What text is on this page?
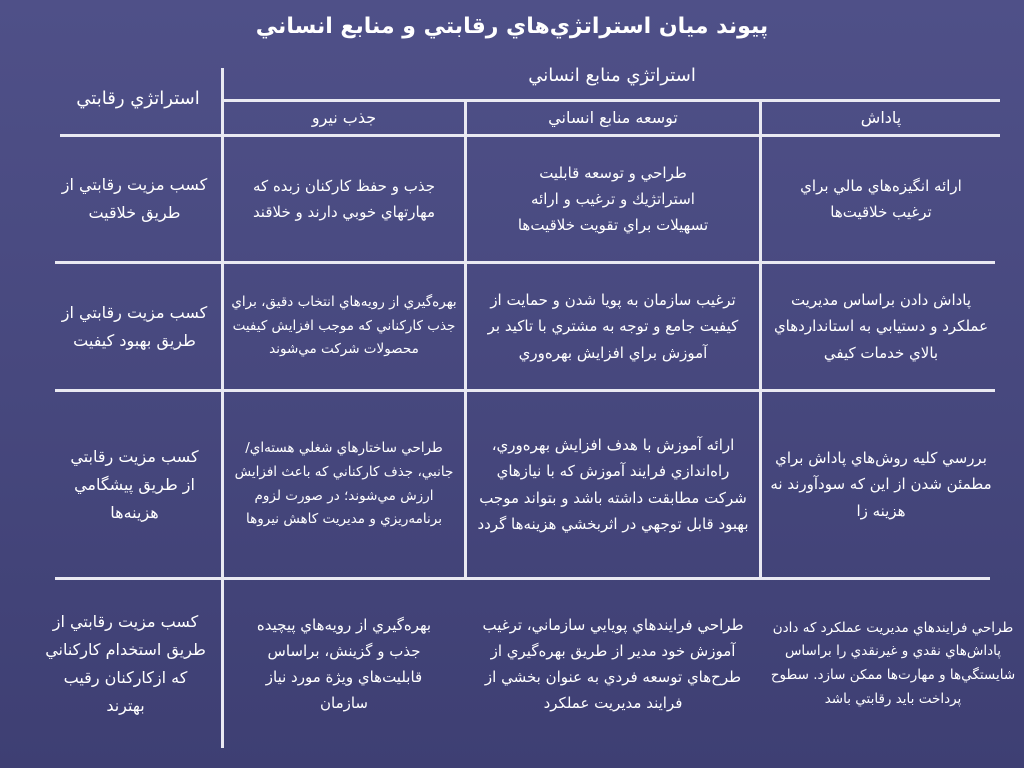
پيوند ميان استراتژي‌هاي رقابتي و منابع انساني
استراتژي رقابتي
استراتژي منابع انساني
جذب نيرو	توسعه منابع انساني	پاداش
كسب مزيت رقابتي از طريق خلاقيت
جذب و حفظ كاركنان زبده كه مهارتهاي خوبي دارند و خلاقند
طراحي و توسعه قابليت استراتژيك و ترغيب و ارائه تسهيلات براي تقويت خلاقيت‌ها
ارائه انگيزه‌هاي مالي براي ترغيب خلاقيت‌ها
كسب مزيت رقابتي از طريق بهبود كيفيت
بهره‌گيري از رويه‌هاي انتخاب دقيق، براي جذب كاركناني كه موجب افزايش كيفيت محصولات شركت مي‌شوند
ترغيب سازمان به پويا شدن و حمايت از كيفيت جامع و توجه به مشتري با تاكيد بر آموزش براي افزايش بهره‌وري
پاداش دادن براساس مديريت عملكرد و دستيابي به استانداردهاي بالاي خدمات كيفي
كسب مزيت رقابتي از طريق پيشگامي هزينه‌ها
طراحي ساختارهاي شغلي هسته‌اي/ جانبي، جذف كاركناني كه باعث افزايش ارزش مي‌شوند؛ در صورت لزوم برنامه‌ريزي و مديريت كاهش نيروها
ارائه آموزش با هدف افزايش بهره‌وري، راه‌اندازي فرايند آموزش كه با نيازهاي شركت مطابقت داشته باشد و بتواند موجب بهبود قابل توجهي در اثربخشي هزينه‌ها گردد
بررسي كليه روش‌هاي پاداش براي مطمئن شدن از اين كه سودآورند نه هزينه زا
كسب مزيت رقابتي از طريق استخدام كاركناني كه ازكاركنان رقيب بهترند
بهره‌گيري از رويه‌هاي پيچيده جذب و گزينش، براساس قابليت‌هاي ويژة مورد نياز سازمان
طراحي فرايندهاي پويايي سازماني، ترغيب آموزش خود مدير از طريق بهره‌گيري از طرح‌هاي توسعه فردي به عنوان بخشي از فرايند مديريت عملكرد
طراحي فرايندهاي مديريت عملكرد كه دادن پاداش‌هاي نقدي و غيرنقدي را براساس شايستگي‌ها و مهارت‌ها ممكن سازد. سطوح پرداخت بايد رقابتي باشد
